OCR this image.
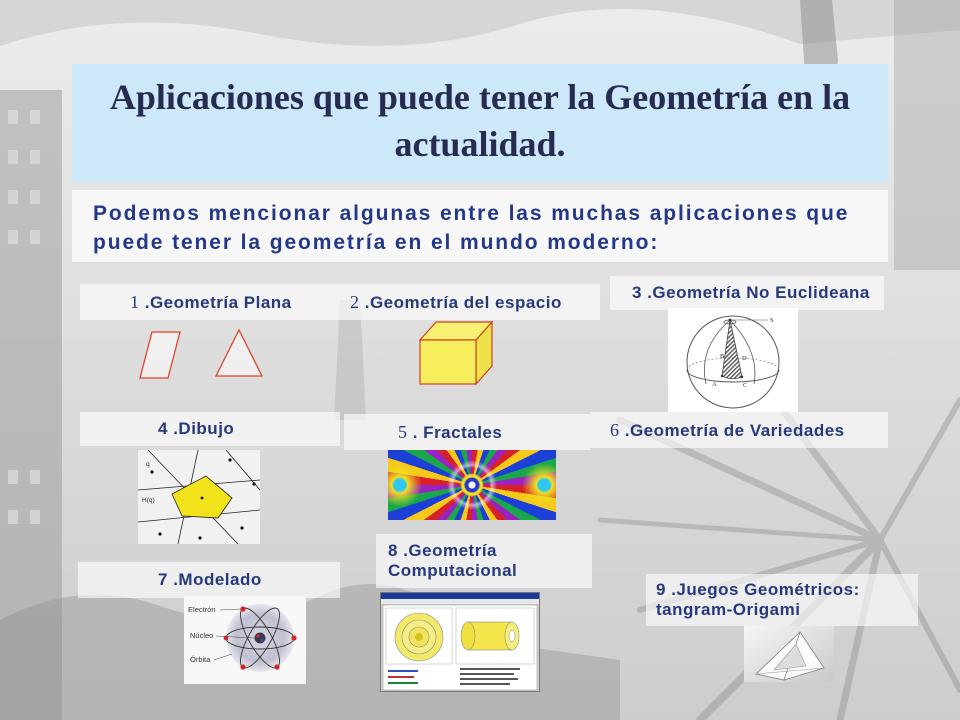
Aplicaciones que puede tener la Geometría en la actualidad.

Podemos mencionar algunas entre las muchas aplicaciones que puede tener la geometría en el mundo moderno:

1 .Geometría Plana	2 .Geometría del espacio
3 .Geometría No Euclideana
4 .Dibujo	5 . Fractales	6 .Geometría de Variedades
7 .Modelado
8 .Geometría
Computacional
9 .Juegos Geométricos:
tangram-Origami
S
A
B
C
D
q
H(q)
Electrón
Núcleo
Órbita
